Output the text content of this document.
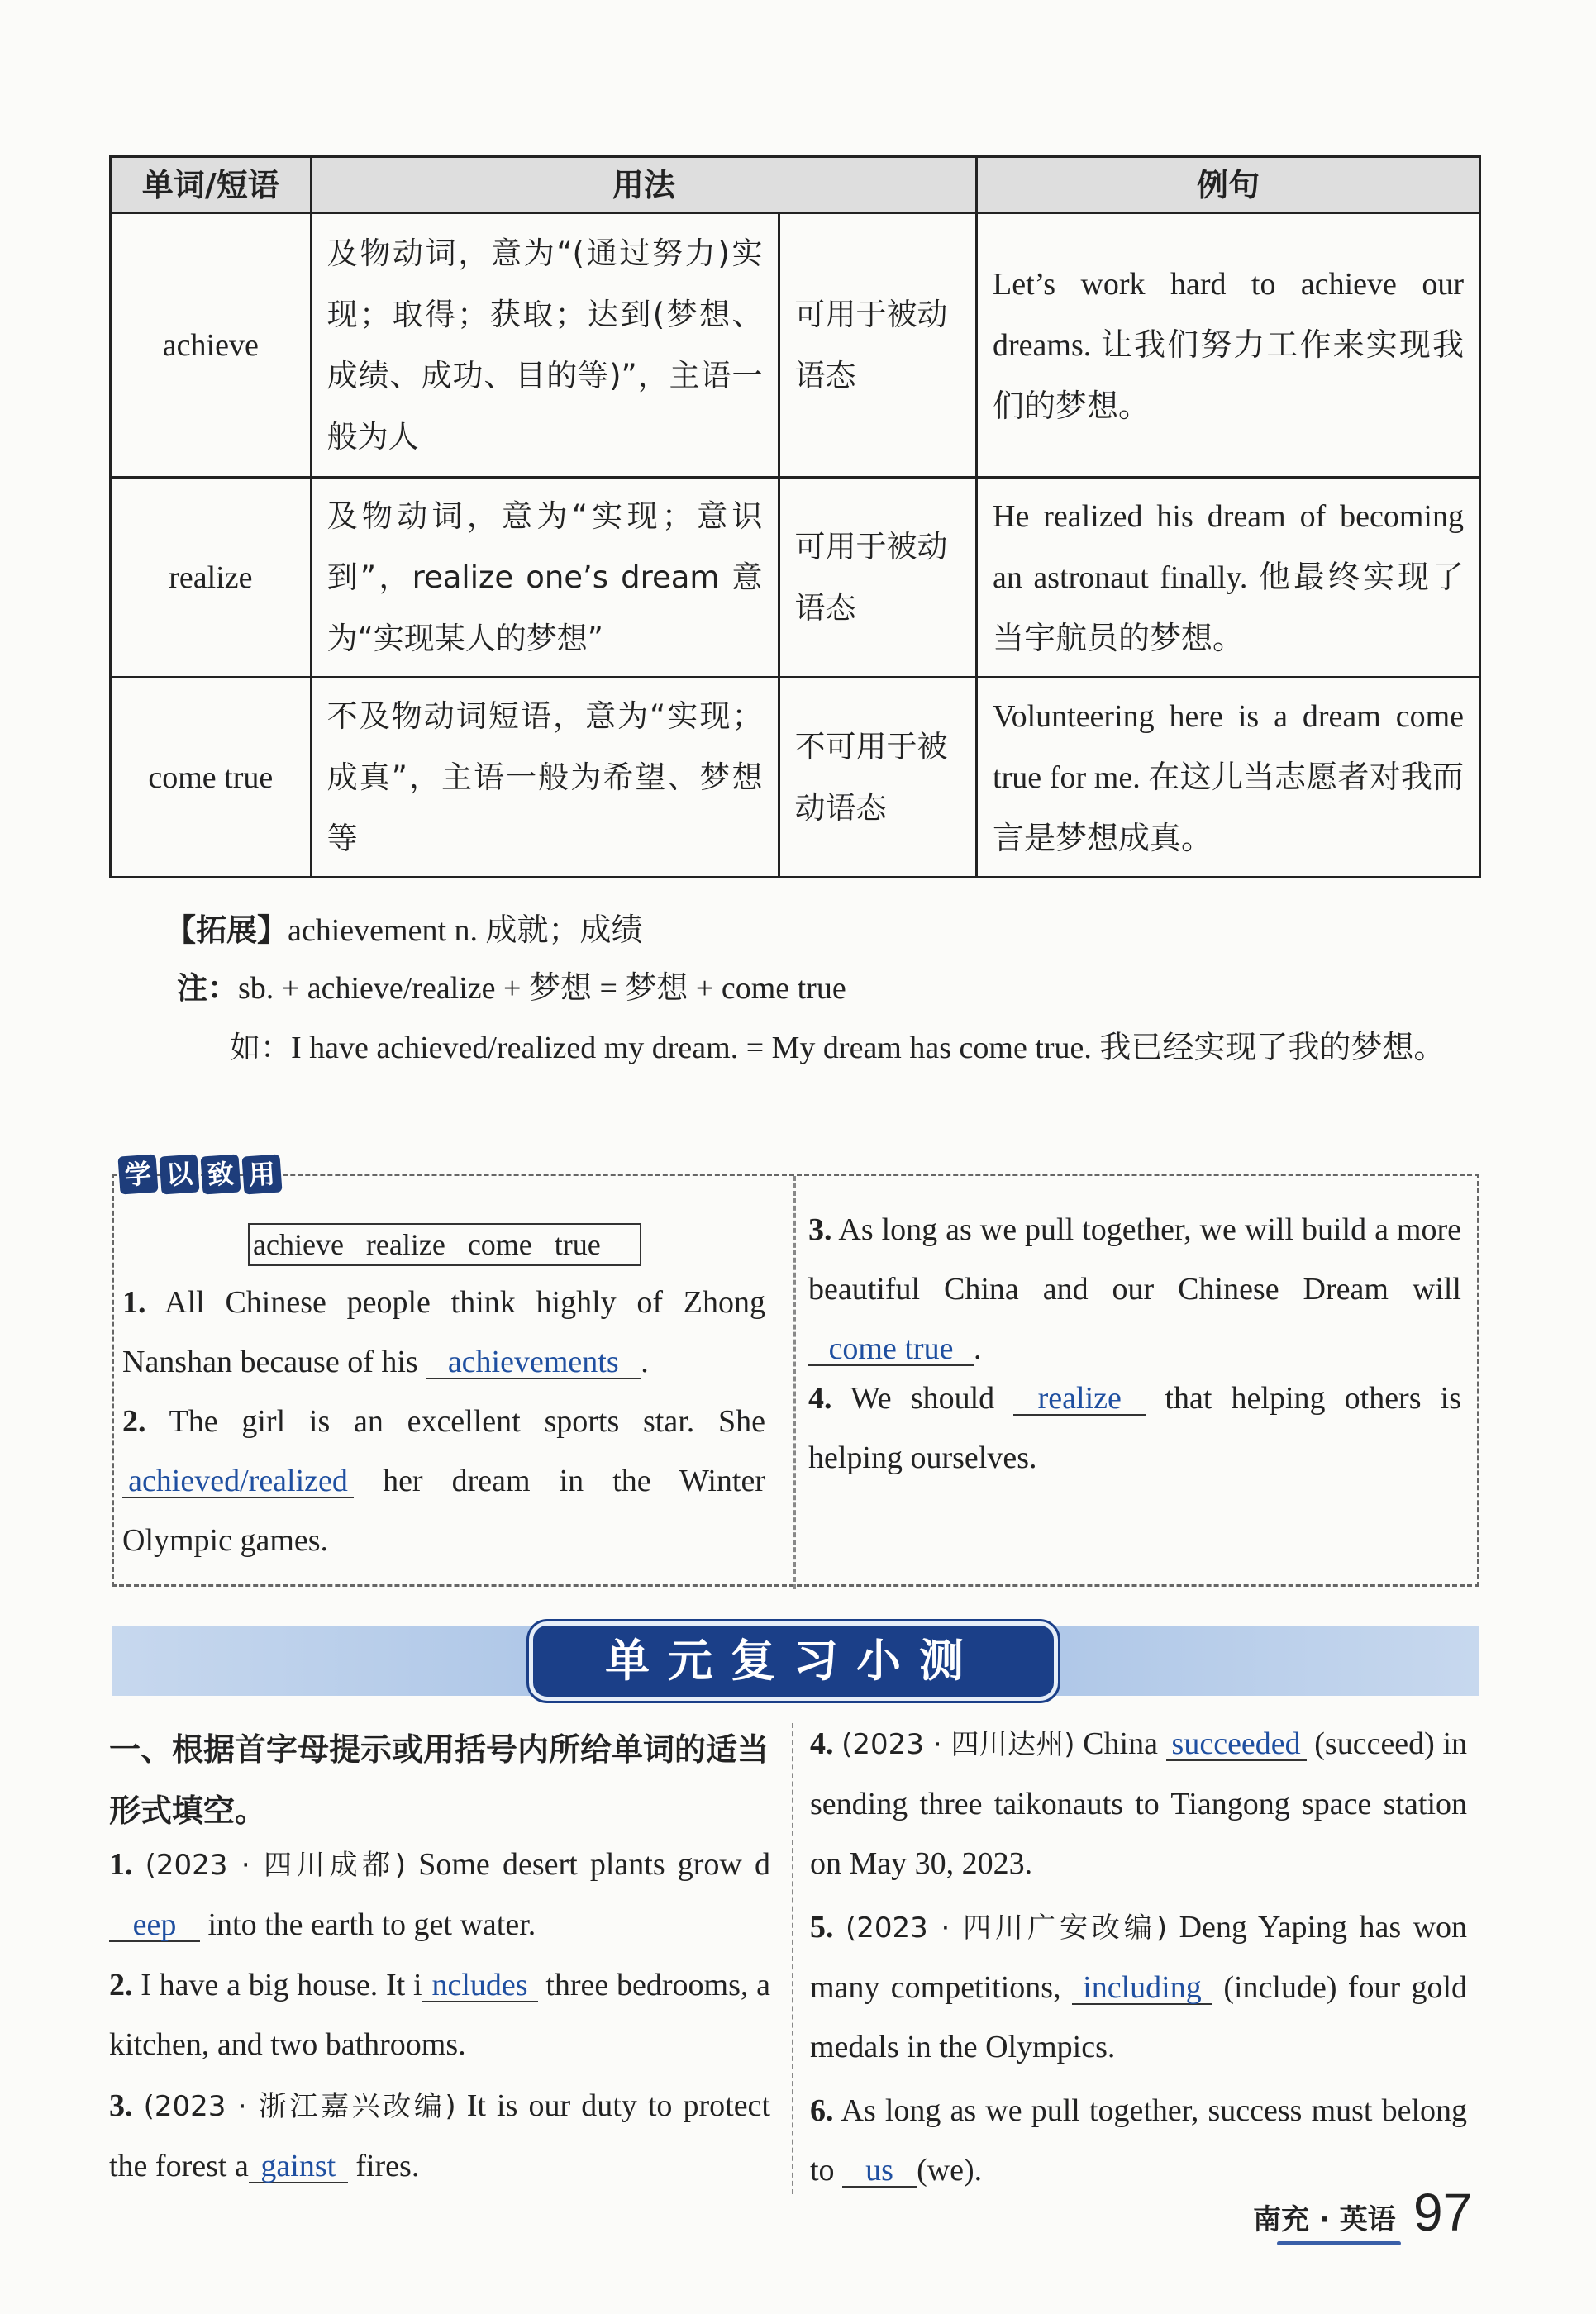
单词/短语	用法		例句
achieve	及物动词，意为“(通过努力)实现；取得；获取；达到(梦想、成绩、成功、目的等)”，主语一般为人	可用于被动语态	Let’s work hard to achieve our dreams. 让我们努力工作来实现我们的梦想。
realize	及物动词，意为“实现；意识到”，realize one’s dream 意为“实现某人的梦想”	可用于被动语态	He realized his dream of becoming an astronaut finally. 他最终实现了当宇航员的梦想。
come true	不及物动词短语，意为“实现；成真”，主语一般为希望、梦想等	不可用于被动语态	Volunteering here is a dream come true for me. 在这儿当志愿者对我而言是梦想成真。
【拓展】achievement n. 成就；成绩
注：sb. + achieve/realize + 梦想 = 梦想 + come true
如：I have achieved/realized my dream. = My dream has come true. 我已经实现了我的梦想。
学 以 致 用
achieve realize come true
1. All Chinese people think highly of Zhong Nanshan because of his achievements .
2. The girl is an excellent sports star. She achieved/realized her dream in the Winter Olympic games.
3. As long as we pull together, we will build a more beautiful China and our Chinese Dream will come true .
4. We should realize that helping others is helping ourselves.
单元复习小测
一、根据首字母提示或用括号内所给单词的适当形式填空。
1. (2023 · 四川成都) Some desert plants grow deep into the earth to get water.
2. I have a big house. It i ncludes three bedrooms, a kitchen, and two bathrooms.
3. (2023 · 浙江嘉兴改编) It is our duty to protect the forest a gainst fires.
4. (2023 · 四川达州) China succeeded (succeed) in sending three taikonauts to Tiangong space station on May 30, 2023.
5. (2023 · 四川广安改编) Deng Yaping has won many competitions, including (include) four gold medals in the Olympics.
6. As long as we pull together, success must belong to us (we).
南充 · 英语 97
